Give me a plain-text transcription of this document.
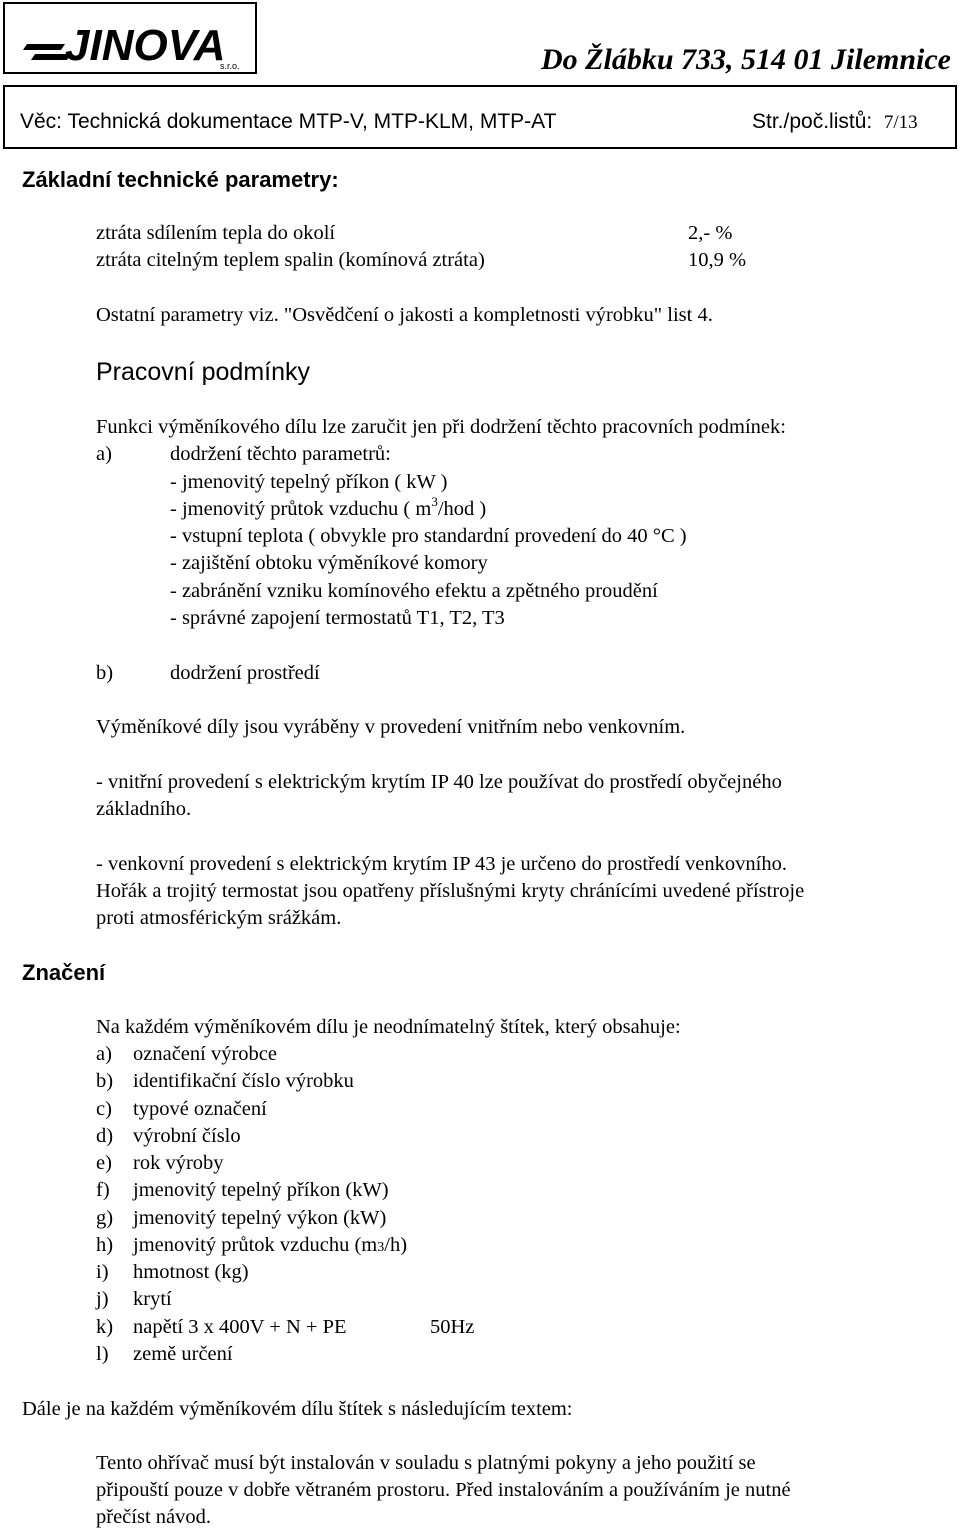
JINOVA
s.r.o.	Do Žlábku 733, 514 01 Jilemnice
Věc: Technická dokumentace MTP-V, MTP-KLM, MTP-AT	Str./poč.listů: 7/13
Základní technické parametry:
ztráta sdílením tepla do okolí	2,- %
ztráta citelným teplem spalin (komínová ztráta)	10,9 %
Ostatní parametry viz. "Osvědčení o jakosti a kompletnosti výrobku" list 4.
Pracovní podmínky
Funkci výměníkového dílu lze zaručit jen při dodržení těchto pracovních podmínek:
a)	dodržení těchto parametrů:
- jmenovitý tepelný příkon ( kW )
- jmenovitý průtok vzduchu ( $m^3$/hod )
- vstupní teplota ( obvykle pro standardní provedení do 40 °C )
- zajištění obtoku výměníkové komory
- zabránění vzniku komínového efektu a zpětného proudění
- správné zapojení termostatů T1, T2, T3
b)	dodržení prostředí
Výměníkové díly jsou vyráběny v provedení vnitřním nebo venkovním.
- vnitřní provedení s elektrickým krytím IP 40 lze používat do prostředí obyčejného
základního.
- venkovní provedení s elektrickým krytím IP 43 je určeno do prostředí venkovního.
Hořák a trojitý termostat jsou opatřeny příslušnými kryty chránícími uvedené přístroje
proti atmosférickým srážkám.
Značení
Na každém výměníkovém dílu je neodnímatelný štítek, který obsahuje:
a) označení výrobce
b) identifikační číslo výrobku
c) typové označení
d) výrobní číslo
e) rok výroby
f) jmenovitý tepelný příkon (kW)
g) jmenovitý tepelný výkon (kW)
h) jmenovitý průtok vzduchu (m3/h)
i) hmotnost (kg)
j) krytí
k) napětí 3 x 400V + N + PE	50Hz
l) země určení
Dále je na každém výměníkovém dílu štítek s následujícím textem:
Tento ohřívač musí být instalován v souladu s platnými pokyny a jeho použití se
připouští pouze v dobře větraném prostoru. Před instalováním a používáním je nutné
přečíst návod.
